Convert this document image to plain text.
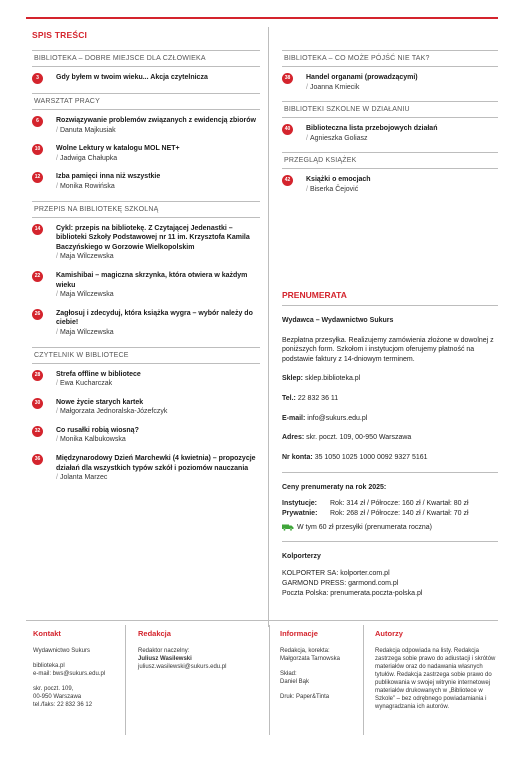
SPIS TREŚCI
BIBLIOTEKA – DOBRE MIEJSCE DLA CZŁOWIEKA
3	Gdy byłem w twoim wieku... Akcja czytelnicza
WARSZTAT PRACY
6	Rozwiązywanie problemów związanych z ewidencją zbiorów
/ Danuta Majkusiak
10	Wolne Lektury w katalogu MOL NET+
/ Jadwiga Chałupka
12	Izba pamięci inna niż wszystkie
/ Monika Rowińska
PRZEPIS NA BIBLIOTEKĘ SZKOLNĄ
14	Cykl: przepis na bibliotekę. Z Czytającej Jedenastki – biblioteki Szkoły Podstawowej nr 11 im. Krzysztofa Kamila Baczyńskiego w Gorzowie Wielkopolskim
/ Maja Wilczewska
22	Kamishibai – magiczna skrzynka, która otwiera w każdym wieku
/ Maja Wilczewska
26	Zagłosuj i zdecyduj, która książka wygra – wybór należy do ciebie!
/ Maja Wilczewska
CZYTELNIK W BIBLIOTECE
28	Strefa offline w bibliotece
/ Ewa Kucharczak
30	Nowe życie starych kartek
/ Małgorzata Jednoralska-Józefczyk
32	Co rusałki robią wiosną?
/ Monika Kalbukowska
36	Międzynarodowy Dzień Marchewki (4 kwietnia) – propozycje działań dla wszystkich typów szkół i poziomów nauczania
/ Jolanta Marzec
BIBLIOTEKA – CO MOŻE PÓJŚĆ NIE TAK?
38	Handel organami (prowadzącymi)
/ Joanna Kmiecik
BIBLIOTEKI SZKOLNE W DZIAŁANIU
40	Biblioteczna lista przebojowych działań
/ Agnieszka Goliasz
PRZEGLĄD KSIĄŻEK
42	Książki o emocjach
/ Biserka Čejović
PRENUMERATA

Wydawca – Wydawnictwo Sukurs

Bezpłatna przesyłka. Realizujemy zamówienia złożone w dowolnej z poniższych form. Szkołom i instytucjom oferujemy płatność na podstawie faktury z 14-dniowym terminem.

Sklep: sklep.biblioteka.pl

Tel.: 22 832 36 11

E-mail: info@sukurs.edu.pl

Adres: skr. poczt. 109, 00-950 Warszawa

Nr konta: 35 1050 1025 1000 0092 9327 5161

Ceny prenumeraty na rok 2025:

Instytucje:	Rok: 314 zł / Półrocze: 160 zł / Kwartał: 80 zł
Prywatnie:	Rok: 268 zł / Półrocze: 140 zł / Kwartał: 70 zł
W tym 60 zł przesyłki (prenumerata roczna)

Kolporterzy

KOLPORTER SA: kolporter.com.pl
GARMOND PRESS: garmond.com.pl
Poczta Polska: prenumerata.poczta-polska.pl
Kontakt

Wydawnictwo Sukurs

biblioteka.pl

e-mail: bws@sukurs.edu.pl

skr. poczt. 109,
00-950 Warszawa
tel./faks: 22 832 36 12
Redakcja
Redaktor naczelny:
Juliusz Wasilewski
juliusz.wasilewski@sukurs.edu.pl
Informacje
Redakcja, korekta:

Małgorzata Tarnowska

Skład:

Daniel Bąk

Druk: Paper&Tinta
Autorzy
Redakcja odpowiada na listy. Redakcja zastrzega sobie prawo do adiustacji i skrótów materiałów oraz do nadawania własnych tytułów. Redakcja zastrzega sobie prawo do publikowania w swojej witrynie internetowej materiałów drukowanych w „Bibliotece w Szkole” – bez odrębnego powiadamiania i wynagradzania ich autorów.
